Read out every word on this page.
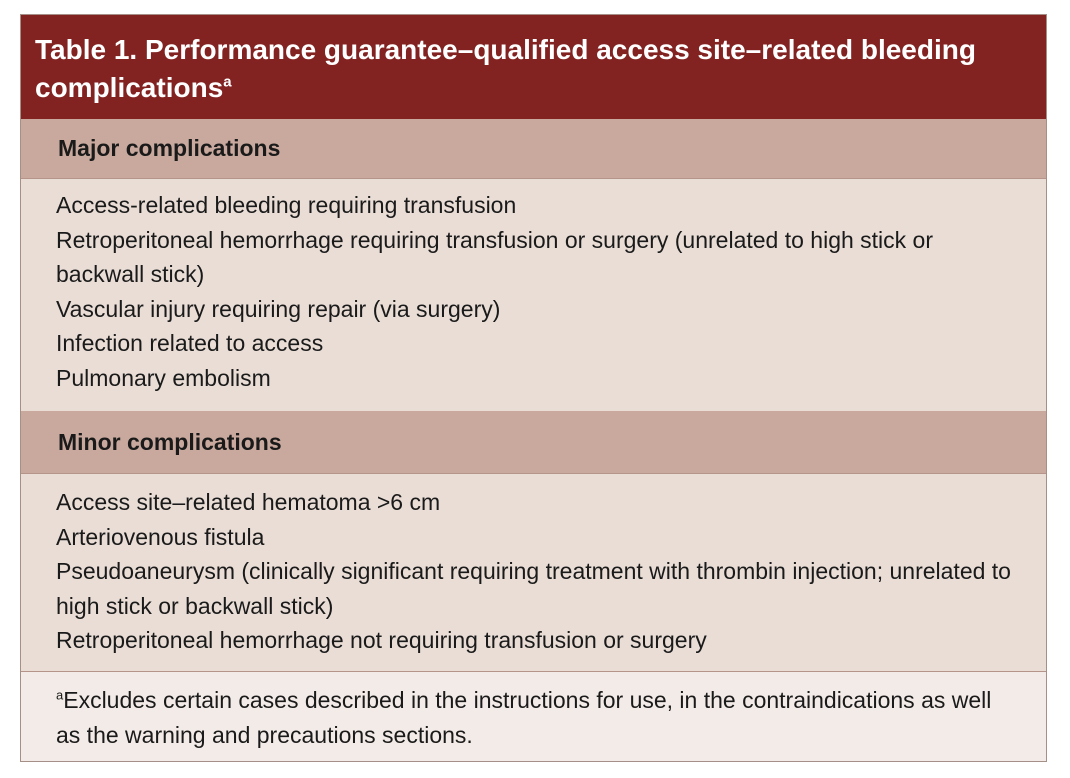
Table 1. Performance guarantee–qualified access site–related bleeding complications$^a$
Major complications
Access-related bleeding requiring transfusion
Retroperitoneal hemorrhage requiring transfusion or surgery (unrelated to high stick or backwall stick)
Vascular injury requiring repair (via surgery)
Infection related to access
Pulmonary embolism
Minor complications
Access site–related hematoma >6 cm
Arteriovenous fistula
Pseudoaneurysm (clinically significant requiring treatment with thrombin injection; unrelated to high stick or backwall stick)
Retroperitoneal hemorrhage not requiring transfusion or surgery
$^a$Excludes certain cases described in the instructions for use, in the contraindications as well as the warning and precautions sections.
